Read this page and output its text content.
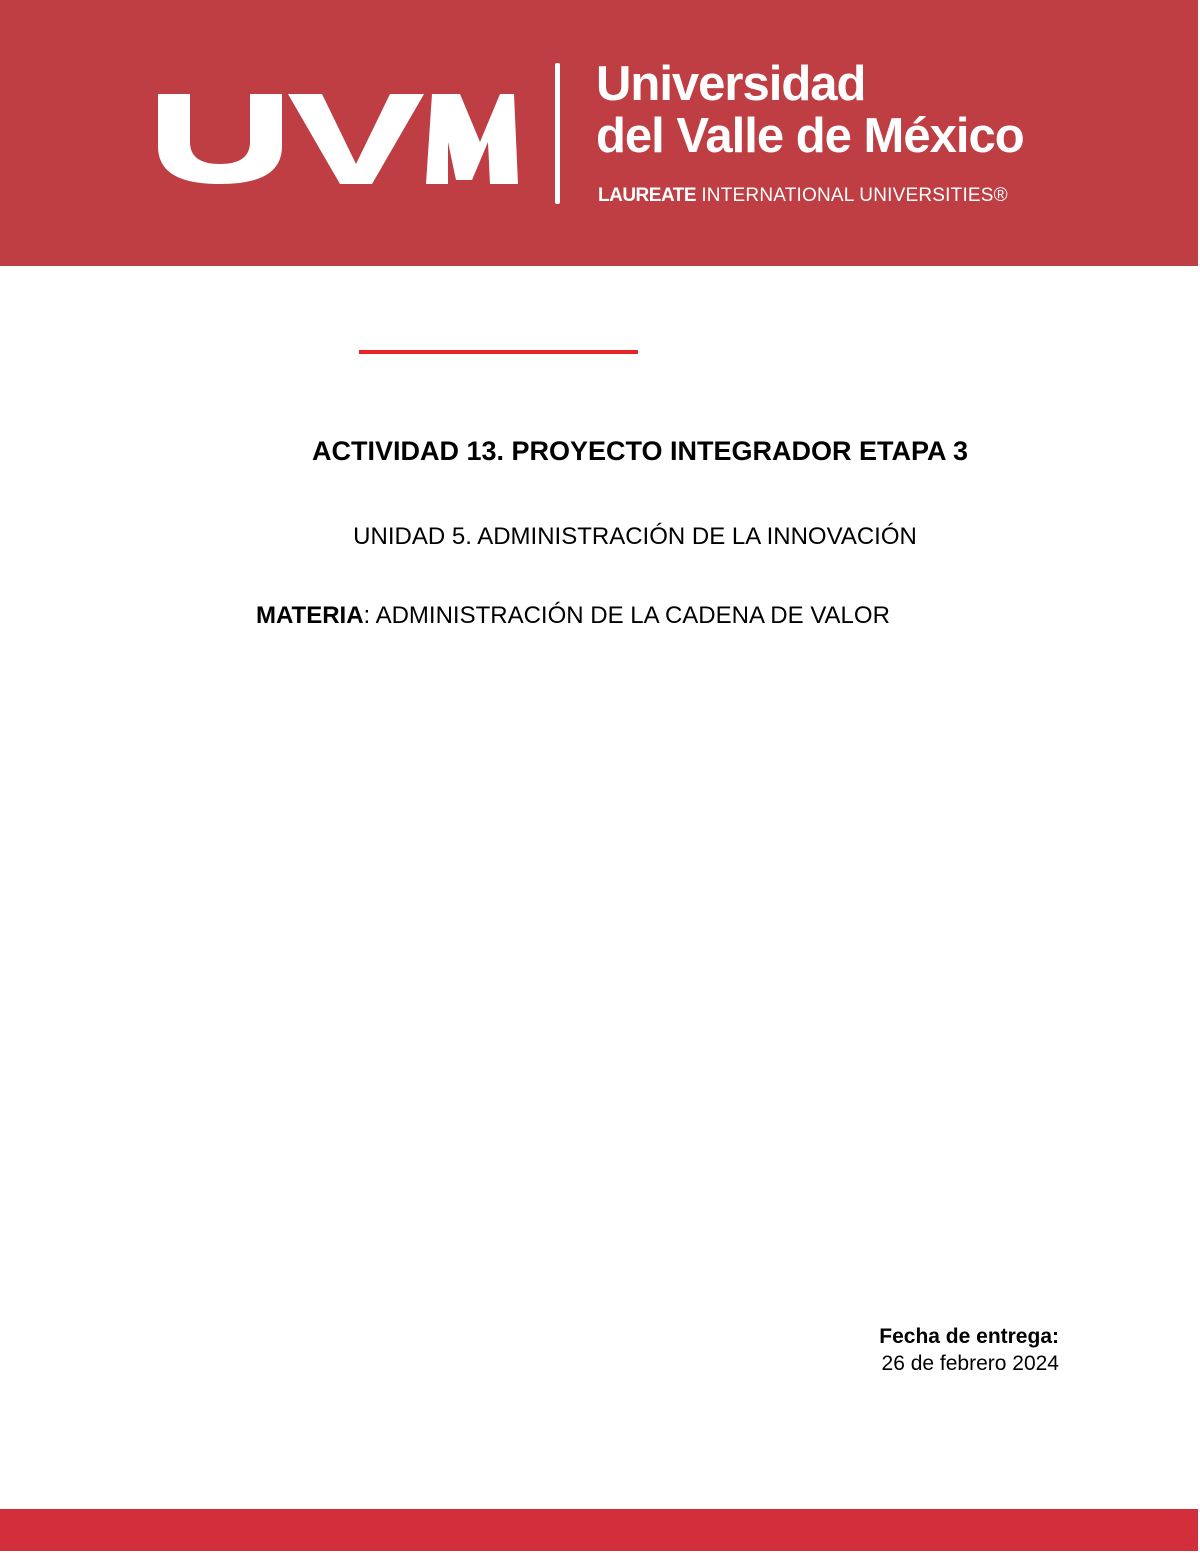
Universidad
del Valle de México
LAUREATE INTERNATIONAL UNIVERSITIES®
ACTIVIDAD 13. PROYECTO INTEGRADOR ETAPA 3
UNIDAD 5. ADMINISTRACIÓN DE LA INNOVACIÓN
MATERIA: ADMINISTRACIÓN DE LA CADENA DE VALOR
Fecha de entrega:
26 de febrero 2024
